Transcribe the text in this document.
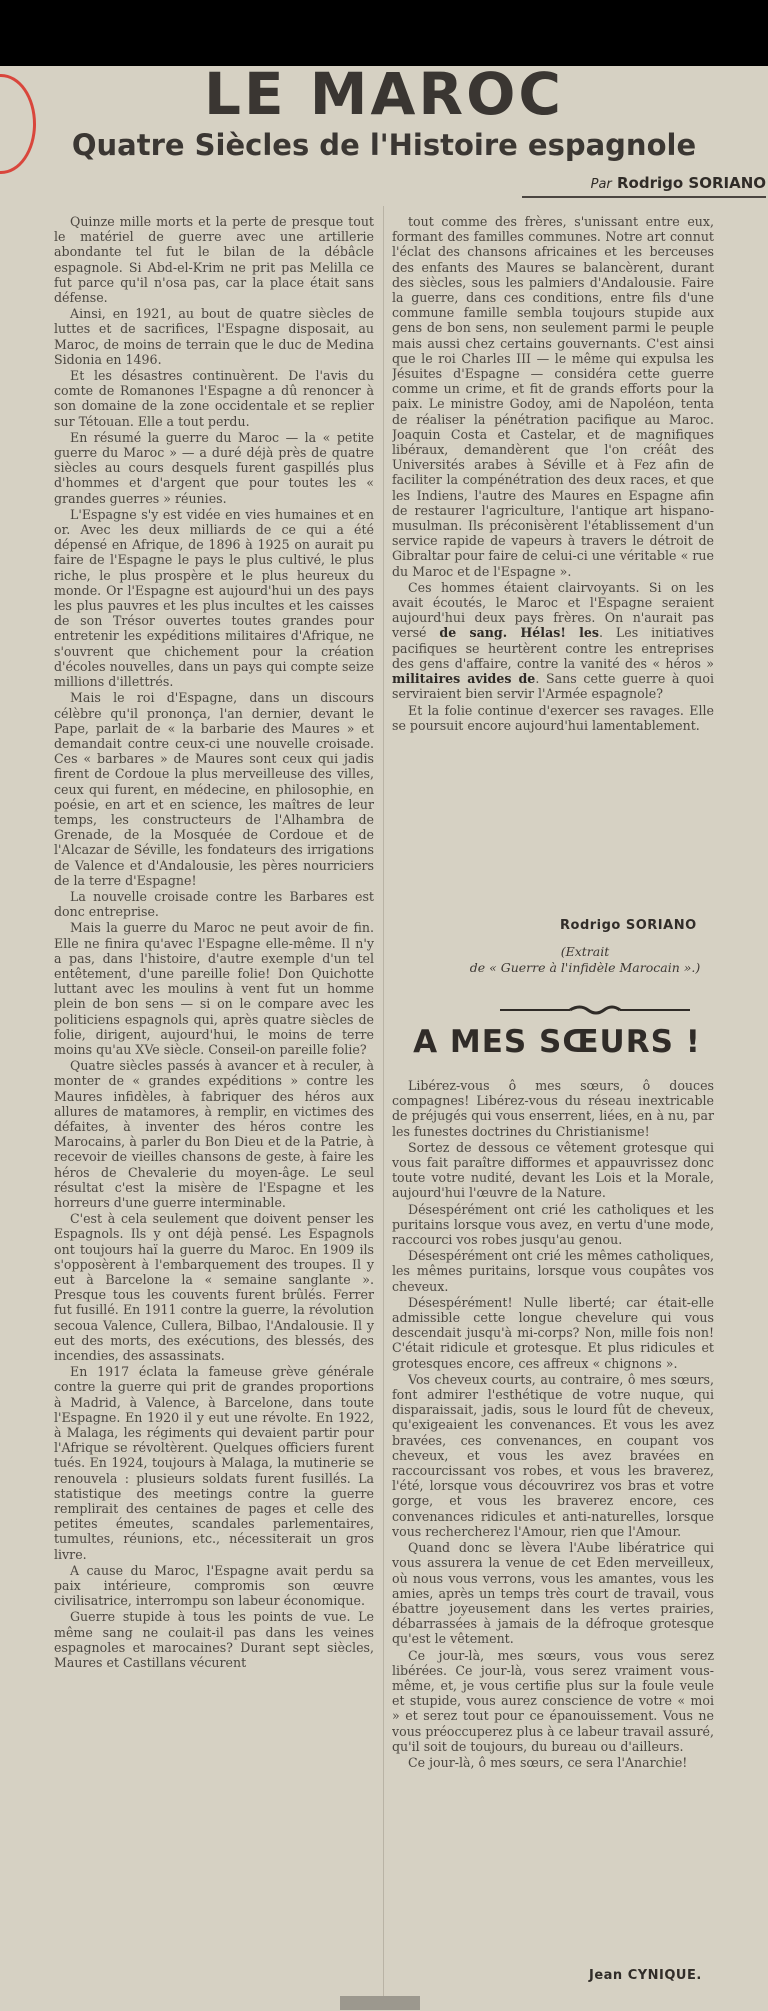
LE MAROC
Quatre Siècles de l'Histoire espagnole
Par Rodrigo SORIANO

Quinze mille morts et la perte de presque tout le matériel de guerre avec une artillerie abondante tel fut le bilan de la débâcle espagnole. Si Abd-el-Krim ne prit pas Melilla ce fut parce qu'il n'osa pas, car la place était sans défense.

Ainsi, en 1921, au bout de quatre siècles de luttes et de sacrifices, l'Espagne disposait, au Maroc, de moins de terrain que le duc de Medina Sidonia en 1496.

Et les désastres continuèrent. De l'avis du comte de Romanones l'Espagne a dû renoncer à son domaine de la zone occidentale et se replier sur Tétouan. Elle a tout perdu.

En résumé la guerre du Maroc — la « petite guerre du Maroc » — a duré déjà près de quatre siècles au cours desquels furent gaspillés plus d'hommes et d'argent que pour toutes les « grandes guerres » réunies.

L'Espagne s'y est vidée en vies humaines et en or. Avec les deux milliards de ce qui a été dépensé en Afrique, de 1896 à 1925 on aurait pu faire de l'Espagne le pays le plus cultivé, le plus riche, le plus prospère et le plus heureux du monde. Or l'Espagne est aujourd'hui un des pays les plus pauvres et les plus incultes et les caisses de son Trésor ouvertes toutes grandes pour entretenir les expéditions militaires d'Afrique, ne s'ouvrent que chichement pour la création d'écoles nouvelles, dans un pays qui compte seize millions d'illettrés.

Mais le roi d'Espagne, dans un discours célèbre qu'il prononça, l'an dernier, devant le Pape, parlait de « la barbarie des Maures » et demandait contre ceux-ci une nouvelle croisade. Ces « barbares » de Maures sont ceux qui jadis firent de Cordoue la plus merveilleuse des villes, ceux qui furent, en médecine, en philosophie, en poésie, en art et en science, les maîtres de leur temps, les constructeurs de l'Alhambra de Grenade, de la Mosquée de Cordoue et de l'Alcazar de Séville, les fondateurs des irrigations de Valence et d'Andalousie, les pères nourriciers de la terre d'Espagne!

La nouvelle croisade contre les Barbares est donc entreprise.

Mais la guerre du Maroc ne peut avoir de fin. Elle ne finira qu'avec l'Espagne elle-même. Il n'y a pas, dans l'histoire, d'autre exemple d'un tel entêtement, d'une pareille folie! Don Quichotte luttant avec les moulins à vent fut un homme plein de bon sens — si on le compare avec les politiciens espagnols qui, après quatre siècles de folie, dirigent, aujourd'hui, le moins de terre moins qu'au XVe siècle. Conseil-on pareille folie?

Quatre siècles passés à avancer et à reculer, à monter de « grandes expéditions » contre les Maures infidèles, à fabriquer des héros aux allures de matamores, à remplir, en victimes des défaites, à inventer des héros contre les Marocains, à parler du Bon Dieu et de la Patrie, à recevoir de vieilles chansons de geste, à faire les héros de Chevalerie du moyen-âge. Le seul résultat c'est la misère de l'Espagne et les horreurs d'une guerre interminable.

C'est à cela seulement que doivent penser les Espagnols. Ils y ont déjà pensé. Les Espagnols ont toujours haï la guerre du Maroc. En 1909 ils s'opposèrent à l'embarquement des troupes. Il y eut à Barcelone la « semaine sanglante ». Presque tous les couvents furent brûlés. Ferrer fut fusillé. En 1911 contre la guerre, la révolution secoua Valence, Cullera, Bilbao, l'Andalousie. Il y eut des morts, des exécutions, des blessés, des incendies, des assassinats.

En 1917 éclata la fameuse grève générale contre la guerre qui prit de grandes proportions à Madrid, à Valence, à Barcelone, dans toute l'Espagne. En 1920 il y eut une révolte. En 1922, à Malaga, les régiments qui devaient partir pour l'Afrique se révoltèrent. Quelques officiers furent tués. En 1924, toujours à Malaga, la mutinerie se renouvela : plusieurs soldats furent fusillés. La statistique des meetings contre la guerre remplirait des centaines de pages et celle des petites émeutes, scandales parlementaires, tumultes, réunions, etc., nécessiterait un gros livre.

A cause du Maroc, l'Espagne avait perdu sa paix intérieure, compromis son œuvre civilisatrice, interrompu son labeur économique.

Guerre stupide à tous les points de vue. Le même sang ne coulait-il pas dans les veines espagnoles et marocaines? Durant sept siècles, Maures et Castillans vécurent

tout comme des frères, s'unissant entre eux, formant des familles communes. Notre art connut l'éclat des chansons africaines et les berceuses des enfants des Maures se balancèrent, durant des siècles, sous les palmiers d'Andalousie. Faire la guerre, dans ces conditions, entre fils d'une commune famille sembla toujours stupide aux gens de bon sens, non seulement parmi le peuple mais aussi chez certains gouvernants. C'est ainsi que le roi Charles III — le même qui expulsa les Jésuites d'Espagne — considéra cette guerre comme un crime, et fit de grands efforts pour la paix. Le ministre Godoy, ami de Napoléon, tenta de réaliser la pénétration pacifique au Maroc. Joaquin Costa et Castelar, et de magnifiques libéraux, demandèrent que l'on créât des Universités arabes à Séville et à Fez afin de faciliter la compénétration des deux races, et que les Indiens, l'autre des Maures en Espagne afin de restaurer l'agriculture, l'antique art hispano-musulman. Ils préconisèrent l'établissement d'un service rapide de vapeurs à travers le détroit de Gibraltar pour faire de celui-ci une véritable « rue du Maroc et de l'Espagne ».

Ces hommes étaient clairvoyants. Si on les avait écoutés, le Maroc et l'Espagne seraient aujourd'hui deux pays frères. On n'aurait pas versé de sang. Hélas! les. Les initiatives pacifiques se heurtèrent contre les entreprises des gens d'affaire, contre la vanité des « héros » militaires avides de. Sans cette guerre à quoi serviraient bien servir l'Armée espagnole?

Et la folie continue d'exercer ses ravages. Elle se poursuit encore aujourd'hui lamentablement.

Rodrigo SORIANO
(Extrait
de « Guerre à l'infidèle Marocain ».)
A MES SŒURS !

Libérez-vous ô mes sœurs, ô douces compagnes! Libérez-vous du réseau inextricable de préjugés qui vous enserrent, liées, en à nu, par les funestes doctrines du Christianisme!

Sortez de dessous ce vêtement grotesque qui vous fait paraître difformes et appauvrissez donc toute votre nudité, devant les Lois et la Morale, aujourd'hui l'œuvre de la Nature.

Désespérément ont crié les catholiques et les puritains lorsque vous avez, en vertu d'une mode, raccourci vos robes jusqu'au genou.

Désespérément ont crié les mêmes catholiques, les mêmes puritains, lorsque vous coupâtes vos cheveux.

Désespérément! Nulle liberté; car était-elle admissible cette longue chevelure qui vous descendait jusqu'à mi-corps? Non, mille fois non! C'était ridicule et grotesque. Et plus ridicules et grotesques encore, ces affreux « chignons ».

Vos cheveux courts, au contraire, ô mes sœurs, font admirer l'esthétique de votre nuque, qui disparaissait, jadis, sous le lourd fût de cheveux, qu'exigeaient les convenances. Et vous les avez bravées, ces convenances, en coupant vos cheveux, et vous les avez bravées en raccourcissant vos robes, et vous les braverez, l'été, lorsque vous découvrirez vos bras et votre gorge, et vous les braverez encore, ces convenances ridicules et anti-naturelles, lorsque vous rechercherez l'Amour, rien que l'Amour.

Quand donc se lèvera l'Aube libératrice qui vous assurera la venue de cet Eden merveilleux, où nous vous verrons, vous les amantes, vous les amies, après un temps très court de travail, vous ébattre joyeusement dans les vertes prairies, débarrassées à jamais de la défroque grotesque qu'est le vêtement.

Ce jour-là, mes sœurs, vous vous serez libérées. Ce jour-là, vous serez vraiment vous-même, et, je vous certifie plus sur la foule veule et stupide, vous aurez conscience de votre « moi » et serez tout pour ce épanouissement. Vous ne vous préoccuperez plus à ce labeur travail assuré, qu'il soit de toujours, du bureau ou d'ailleurs.

Ce jour-là, ô mes sœurs, ce sera l'Anarchie!

Jean CYNIQUE.
